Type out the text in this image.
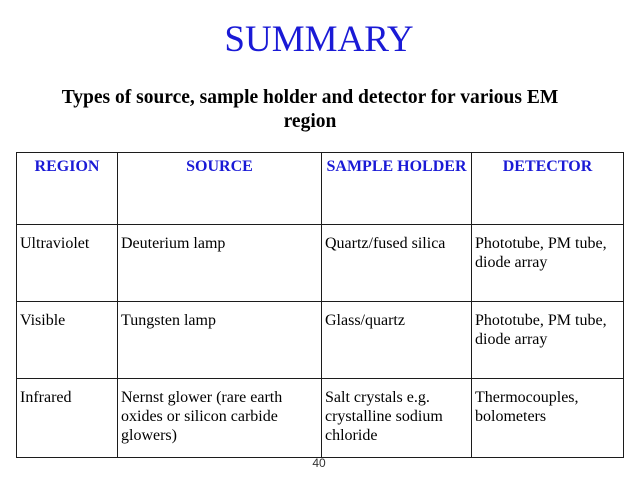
SUMMARY
Types of source, sample holder and detector for various EM region
REGION	SOURCE	SAMPLE HOLDER	DETECTOR
Ultraviolet	Deuterium lamp	Quartz/fused silica	Phototube, PM tube, diode array
Visible	Tungsten lamp	Glass/quartz	Phototube, PM tube, diode array
Infrared	Nernst glower (rare earth oxides or silicon carbide glowers)	Salt crystals e.g. crystalline sodium chloride	Thermocouples, bolometers
40
